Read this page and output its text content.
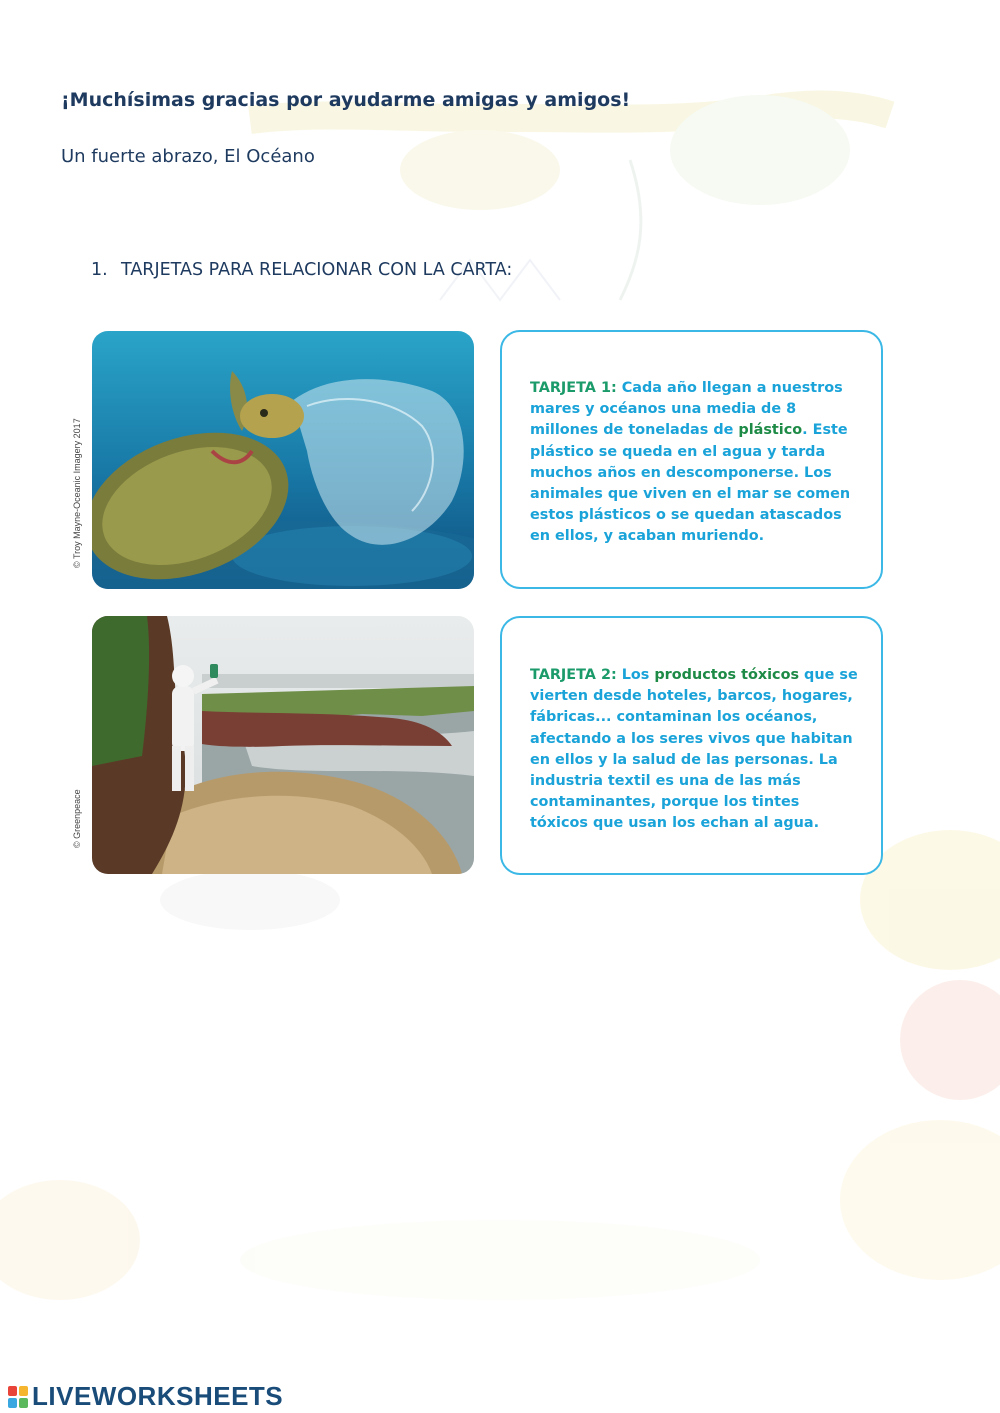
¡Muchísimas gracias por ayudarme amigas y amigos!
Un fuerte abrazo, El Océano
1. TARJETAS PARA RELACIONAR CON LA CARTA:
© Troy Mayne-Oceanic Imagery 2017
TARJETA 1: Cada año llegan a nuestros mares y océanos una media de 8 millones de toneladas de plástico. Este plástico se queda en el agua y tarda muchos años en descomponerse. Los animales que viven en el mar se comen estos plásticos o se quedan atascados en ellos, y acaban muriendo.
© Greenpeace
TARJETA 2: Los productos tóxicos que se vierten desde hoteles, barcos, hogares, fábricas... contaminan los océanos, afectando a los seres vivos que habitan en ellos y la salud de las personas. La industria textil es una de las más contaminantes, porque los tintes tóxicos que usan los echan al agua.
LIVEWORKSHEETS
